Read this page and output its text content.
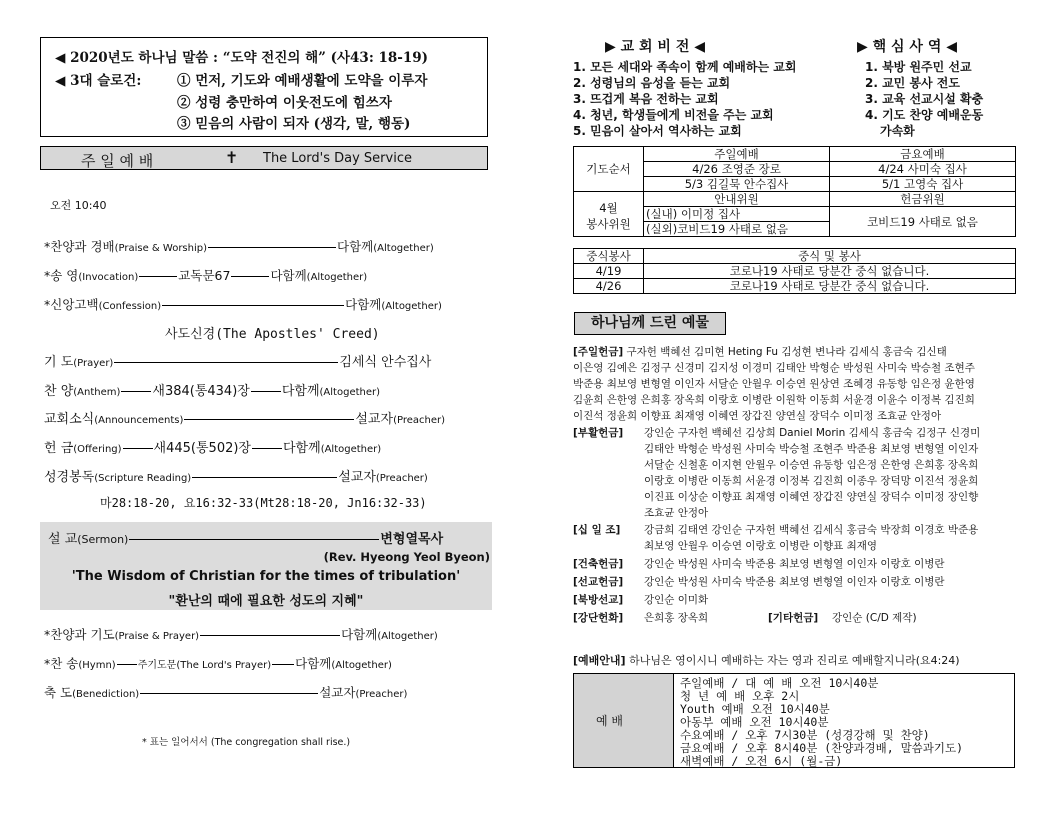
◀ 2020년도 하나님 말씀 : “도약 전진의 해” (사43: 18-19)
◀ 3대 슬로건:	① 먼저, 기도와 예배생활에 도약을 이루자
② 성령 충만하여 이웃전도에 힘쓰자
③ 믿음의 사람이 되자 (생각, 말, 행동)
주 일 예 배	✝ The Lord's Day Service
오전 10:40
*찬양과 경배(Praise & Worship)	다함께(Altogether)
*송 영(Invocation)	교독문67	다함께(Altogether)
*신앙고백(Confession)	다함께(Altogether)
사도신경(The Apostles' Creed)
기 도(Prayer)	김세식 안수집사
찬 양(Anthem) 새384(통434)장 다함께(Altogether)
교회소식(Announcements)	설교자(Preacher)
헌 금(Offering) 새445(통502)장 다함께(Altogether)
성경봉독(Scripture Reading)	설교자(Preacher)
마28:18-20, 요16:32-33(Mt28:18-20, Jn16:32-33)
설 교(Sermon)	변형열목사
(Rev. Hyeong Yeol Byeon)
'The Wisdom of Christian for the times of tribulation'
"환난의 때에 필요한 성도의 지혜"
*찬양과 기도(Praise & Prayer)	다함께(Altogether)
*찬 송(Hymn) 주기도문(The Lord's Prayer) 다함께(Altogether)
축 도(Benediction)	설교자(Preacher)
* 표는 일어서서 (The congregation shall rise.)
▶ 교 회 비 전 ◀	▶ 핵 심 사 역 ◀
1. 모든 세대와 족속이 함께 예배하는 교회
2. 성령님의 음성을 듣는 교회
3. 뜨겁게 복음 전하는 교회
4. 청년, 학생들에게 비전을 주는 교회
5. 믿음이 살아서 역사하는 교회
1. 북방 원주민 선교
2. 교민 봉사 전도
3. 교육 선교시설 확충
4. 기도 찬양 예배운동
가속화
기도순서	주일예배	금요예배
	4/26 조영준 장로	4/24 사미숙 집사
	5/3 김길묵 안수집사	5/1 고영숙 집사
4월
봉사위원	안내위원	헌금위원
	(실내) 이미정 집사	코비드19 사태로 없음
	(실외)코비드19 사태로 없음	
중식봉사	중식 및 봉사
4/19	코로나19 사태로 당분간 중식 없습니다.
4/26	코로나19 사태로 당분간 중식 없습니다.
하나님께 드린 예물
[주일헌금] 구자헌 백혜선 김미현 Heting Fu 김성현 변나라 김세식 홍금숙 김신태
이은영 김예은 김정구 신경미 김지성 이경미 김태안 박형순 박성원 사미숙 박승철 조현주
박준용 최보영 변형열 이인자 서달순 안월우 이승연 원상연 조혜경 유동항 임은정 윤한영
김윤희 은한영 은희홍 장옥희 이랑호 이병란 이원학 이동희 서윤경 이윤수 이정복 김진희
이진석 정윤희 이향표 최재영 이혜연 장갑진 양연실 장덕수 이미정 조효균 안정아
[부활헌금] 강인순 구자헌 백혜선 김상희 Daniel Morin 김세식 홍금숙 김정구 신경미
김태안 박형순 박성원 사미숙 박승철 조현주 박준용 최보영 변형열 이인자
서달순 신철훈 이지현 안월우 이승연 유동항 임은정 은한영 은희홍 장옥희
이랑호 이병란 이동희 서윤경 이정복 김진희 이종우 장덕망 이진석 정윤희
이진표 이상순 이향표 최재영 이혜연 장갑진 양연실 장덕수 이미정 장인향
조효균 안정아
[십 일 조] 강금희 김태연 강인순 구자헌 백혜선 김세식 홍금숙 박장희 이경호 박준용
최보영 안월우 이승연 이랑호 이병란 이향표 최재영
[건축헌금] 강인순 박성원 사미숙 박준용 최보영 변형열 이인자 이랑호 이병란
[선교헌금] 강인순 박성원 사미숙 박준용 최보영 변형열 이인자 이랑호 이병란
[북방선교] 강인순 이미화
[강단헌화] 은희홍 장옥희	[기타헌금] 강인순 (C/D 제작)
[예배안내] 하나님은 영이시니 예배하는 자는 영과 진리로 예배할지니라(요4:24)
예 배
주일예배 / 대 예 배 오전 10시40분
청 년 예 배 오후 2시
Youth 예배 오전 10시40분
아동부 예배 오전 10시40분
수요예배 / 오후 7시30분 (성경강해 및 찬양)
금요예배 / 오후 8시40분 (찬양과경배, 말씀과기도)
새벽예배 / 오전 6시 (월-금)
